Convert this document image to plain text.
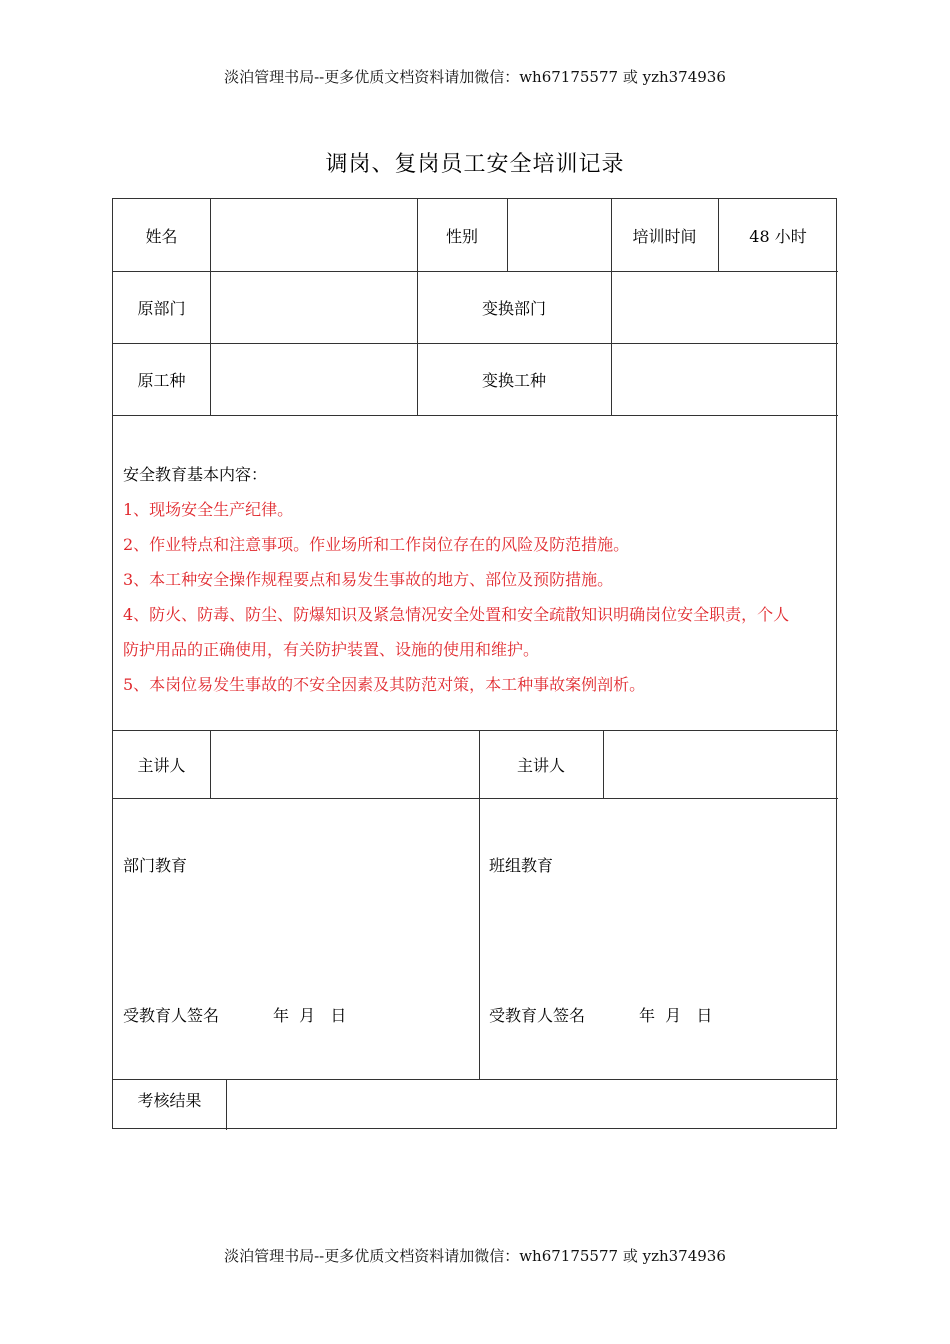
淡泊管理书局--更多优质文档资料请加微信：wh67175577 或 yzh374936
调岗、复岗员工安全培训记录
姓名	性别	培训时间	48 小时
原部门	变换部门
原工种	变换工种
安全教育基本内容：
1、现场安全生产纪律。
2、作业特点和注意事项。作业场所和工作岗位存在的风险及防范措施。
3、本工种安全操作规程要点和易发生事故的地方、部位及预防措施。
4、防火、防毒、防尘、防爆知识及紧急情况安全处置和安全疏散知识明确岗位安全职责，个人
防护用品的正确使用，有关防护装置、设施的使用和维护。
5、本岗位易发生事故的不安全因素及其防范对策，本工种事故案例剖析。
主讲人	主讲人
部门教育
受教育人签名	年  月   日
班组教育
受教育人签名	年  月   日
考核结果
淡泊管理书局--更多优质文档资料请加微信：wh67175577 或 yzh374936
